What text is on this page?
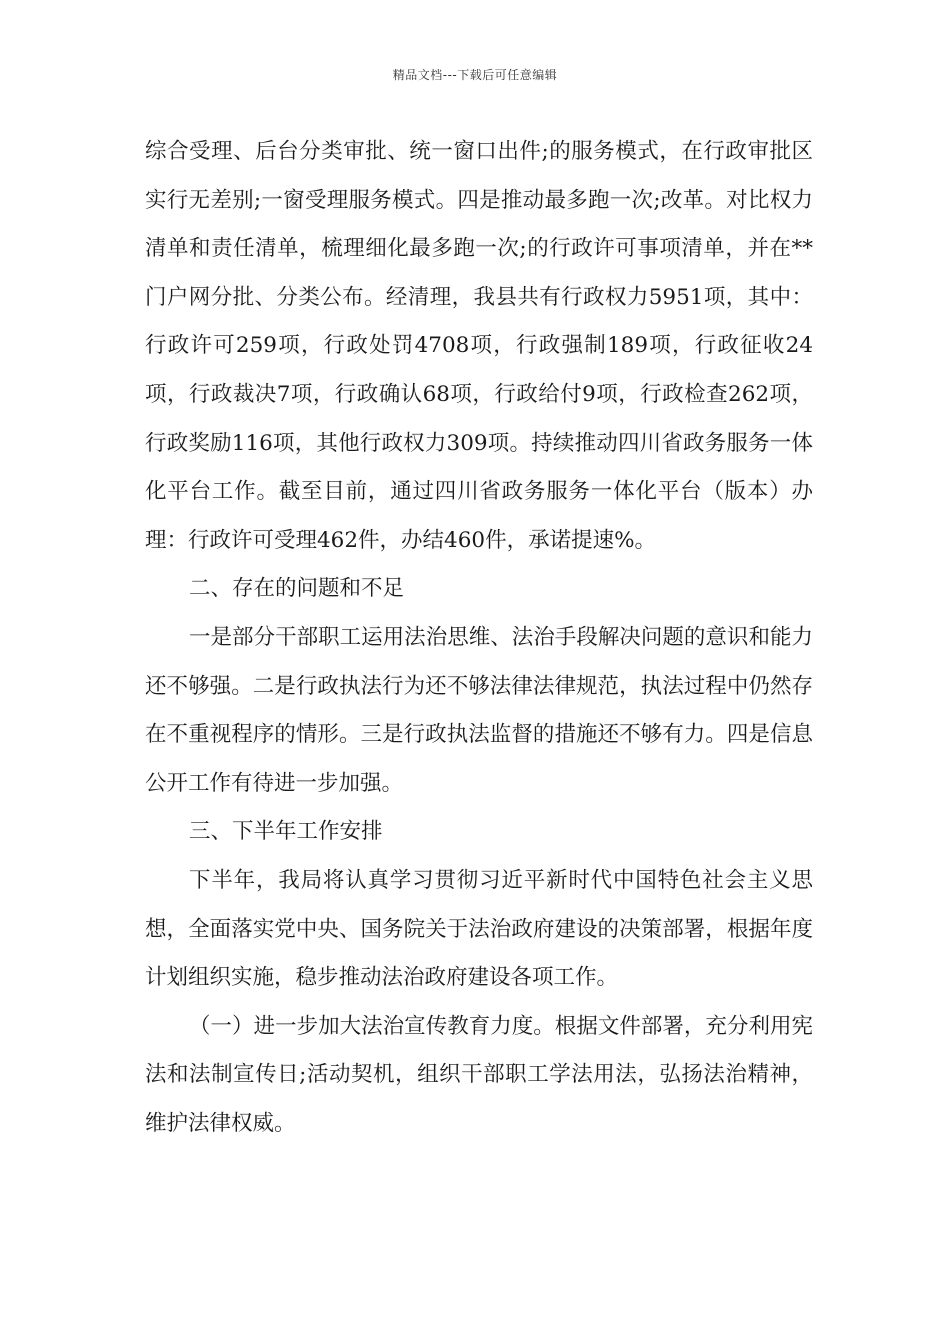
精品文档---下载后可任意编辑

综合受理、后台分类审批、统一窗口出件;的服务模式，在行政审批区实行无差别;一窗受理服务模式。四是推动最多跑一次;改革。对比权力清单和责任清单，梳理细化最多跑一次;的行政许可事项清单，并在**门户网分批、分类公布。经清理，我县共有行政权力5951项，其中：行政许可259项，行政处罚4708项，行政强制189项，行政征收24项，行政裁决7项，行政确认68项，行政给付9项，行政检查262项，行政奖励116项，其他行政权力309项。持续推动四川省政务服务一体化平台工作。截至目前，通过四川省政务服务一体化平台（版本）办理：行政许可受理462件，办结460件，承诺提速%。

二、存在的问题和不足

一是部分干部职工运用法治思维、法治手段解决问题的意识和能力还不够强。二是行政执法行为还不够法律法律规范，执法过程中仍然存在不重视程序的情形。三是行政执法监督的措施还不够有力。四是信息公开工作有待进一步加强。

三、下半年工作安排

下半年，我局将认真学习贯彻习近平新时代中国特色社会主义思想，全面落实党中央、国务院关于法治政府建设的决策部署，根据年度计划组织实施，稳步推动法治政府建设各项工作。

（一）进一步加大法治宣传教育力度。根据文件部署，充分利用宪法和法制宣传日;活动契机，组织干部职工学法用法，弘扬法治精神，维护法律权威。
